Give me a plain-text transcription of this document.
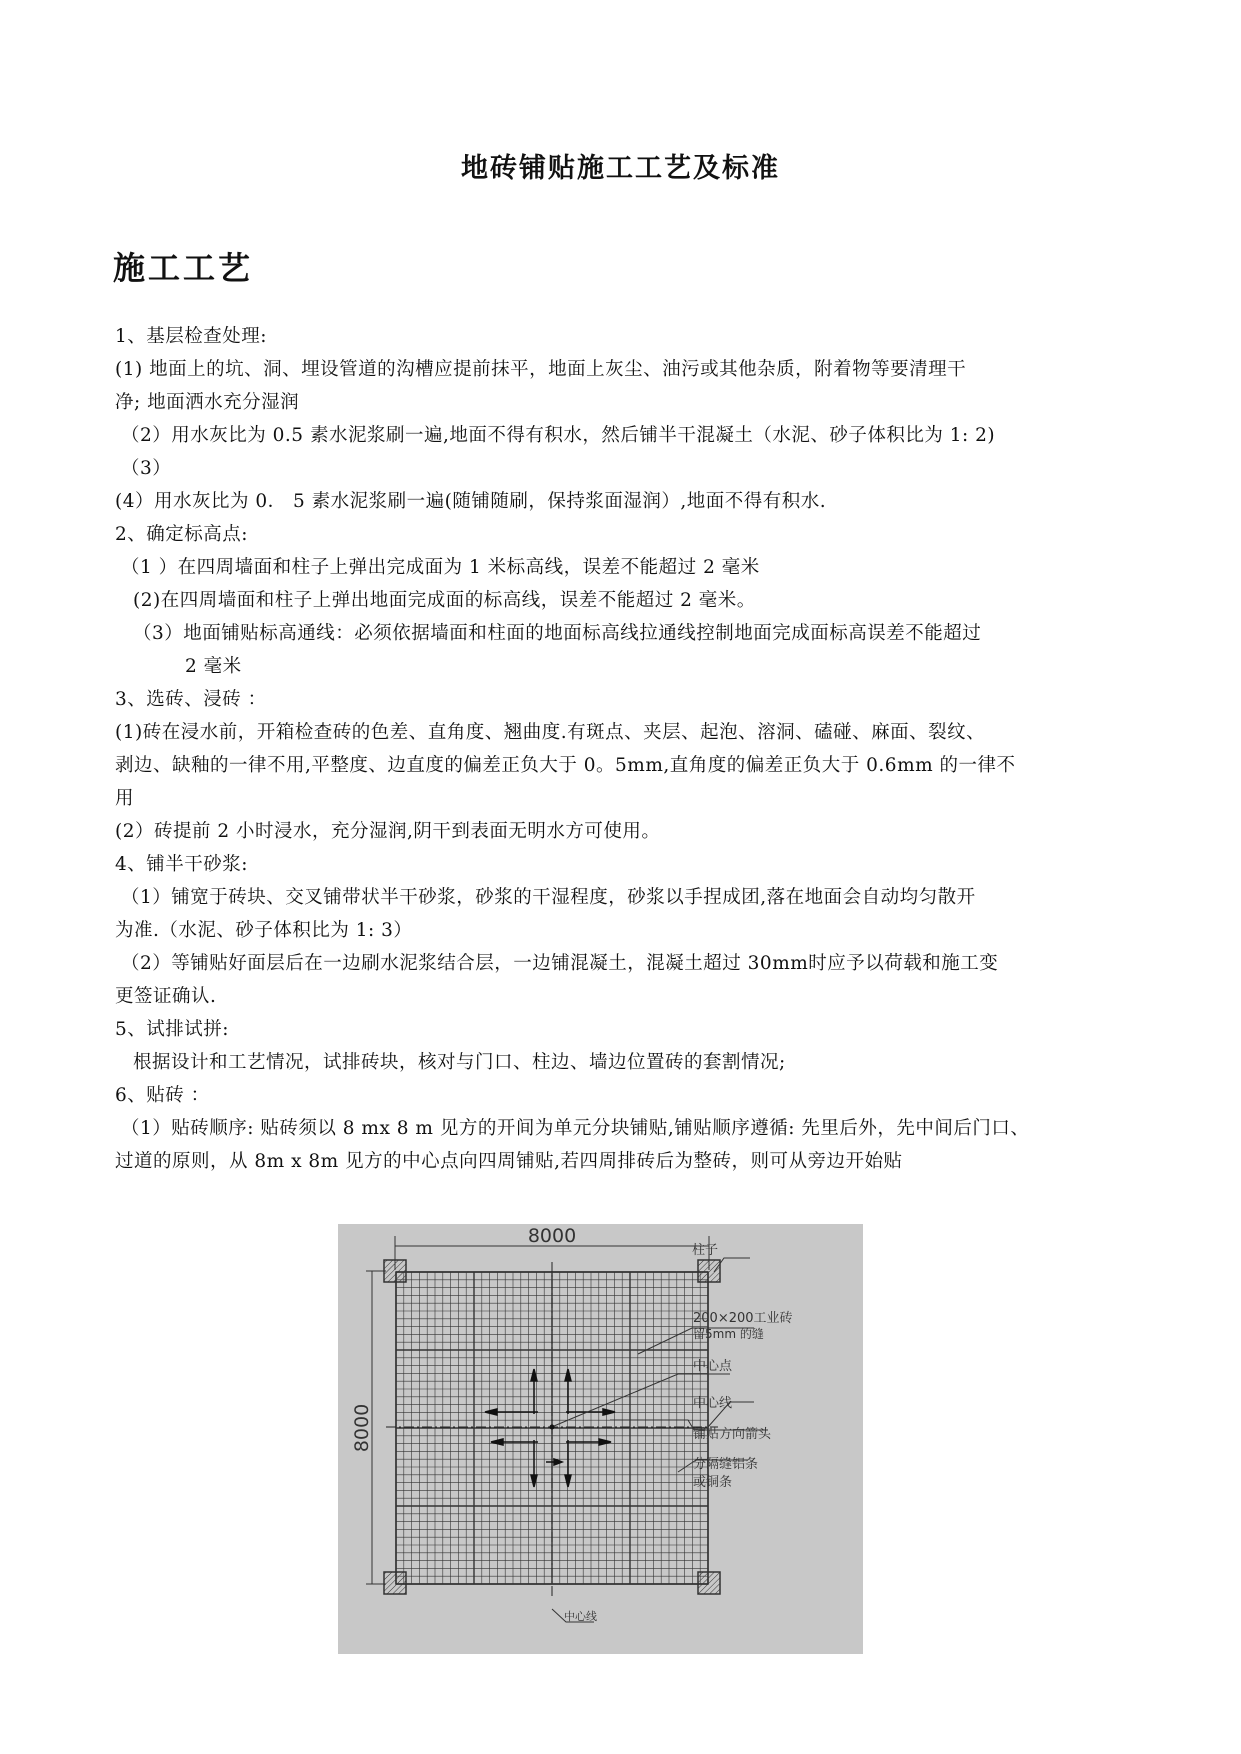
地砖铺贴施工工艺及标准
施工工艺
1、基层检查处理:
(1) 地面上的坑、洞、埋设管道的沟槽应提前抹平，地面上灰尘、油污或其他杂质，附着物等要清理干
净; 地面洒水充分湿润
（2）用水灰比为 0.5 素水泥浆刷一遍,地面不得有积水，然后铺半干混凝土（水泥、砂子体积比为 1: 2)
（3）
(4）用水灰比为 0． 5 素水泥浆刷一遍(随铺随刷，保持浆面湿润）,地面不得有积水.
2、确定标高点:
（1 ）在四周墙面和柱子上弹出完成面为 1 米标高线，误差不能超过 2 毫米
(2)在四周墙面和柱子上弹出地面完成面的标高线，误差不能超过 2 毫米。
（3）地面铺贴标高通线：必须依据墙面和柱面的地面标高线拉通线控制地面完成面标高误差不能超过
2 毫米
3、选砖、浸砖 ：
(1)砖在浸水前，开箱检查砖的色差、直角度、翘曲度.有斑点、夹层、起泡、溶洞、磕碰、麻面、裂纹、
剥边、缺釉的一律不用,平整度、边直度的偏差正负大于 0。5mm,直角度的偏差正负大于 0.6mm 的一律不
用
(2）砖提前 2 小时浸水，充分湿润,阴干到表面无明水方可使用。
4、铺半干砂浆:
（1）铺宽于砖块、交叉铺带状半干砂浆，砂浆的干湿程度，砂浆以手捏成团,落在地面会自动均匀散开
为准.（水泥、砂子体积比为 1: 3）
（2）等铺贴好面层后在一边刷水泥浆结合层，一边铺混凝土，混凝土超过 30mm时应予以荷载和施工变
更签证确认.
5、试排试拼:
根据设计和工艺情况，试排砖块，核对与门口、柱边、墙边位置砖的套割情况;
6、贴砖 ：
（1）贴砖顺序: 贴砖须以 8 mx 8 m 见方的开间为单元分块铺贴,铺贴顺序遵循: 先里后外，先中间后门口、
过道的原则，从 8m x 8m 见方的中心点向四周铺贴,若四周排砖后为整砖，则可从旁边开始贴
8000
8000
柱子
200×200工业砖
留5mm 的缝
中心点
中心线
铺贴方向箭头
分隔缝铝条
或铜条
中心线
